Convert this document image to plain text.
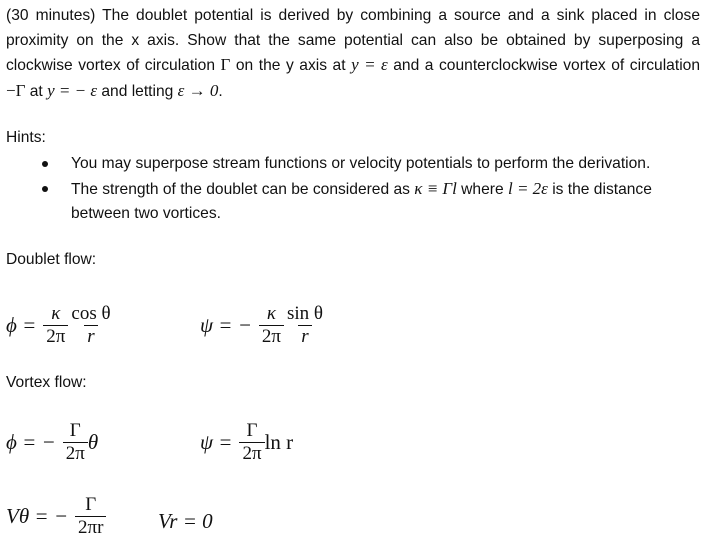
(30 minutes) The doublet potential is derived by combining a source and a sink placed in close proximity on the x axis. Show that the same potential can also be obtained by superposing a clockwise vortex of circulation Γ on the y axis at y = ε and a counterclockwise vortex of circulation −Γ at y = − ε and letting ε → 0.
Hints:
You may superpose stream functions or velocity potentials to perform the derivation.
The strength of the doublet can be considered as κ ≡ Γl where l = 2ε is the distance between two vortices.
Doublet flow:
$\phi = \frac{\kappa}{2\pi} \frac{\text{cos θ}}{r}$	ψ = − $\frac{\kappa}{2\pi} \frac{\text{sin θ}}{r}$
Vortex flow:
ϕ = − $\frac{\Gamma}{2\pi}$ θ	$\psi = \frac{\Gamma}{2\pi}$ ln r
Vθ = − $\frac{\Gamma}{2\pi r}$ Vr = 0
